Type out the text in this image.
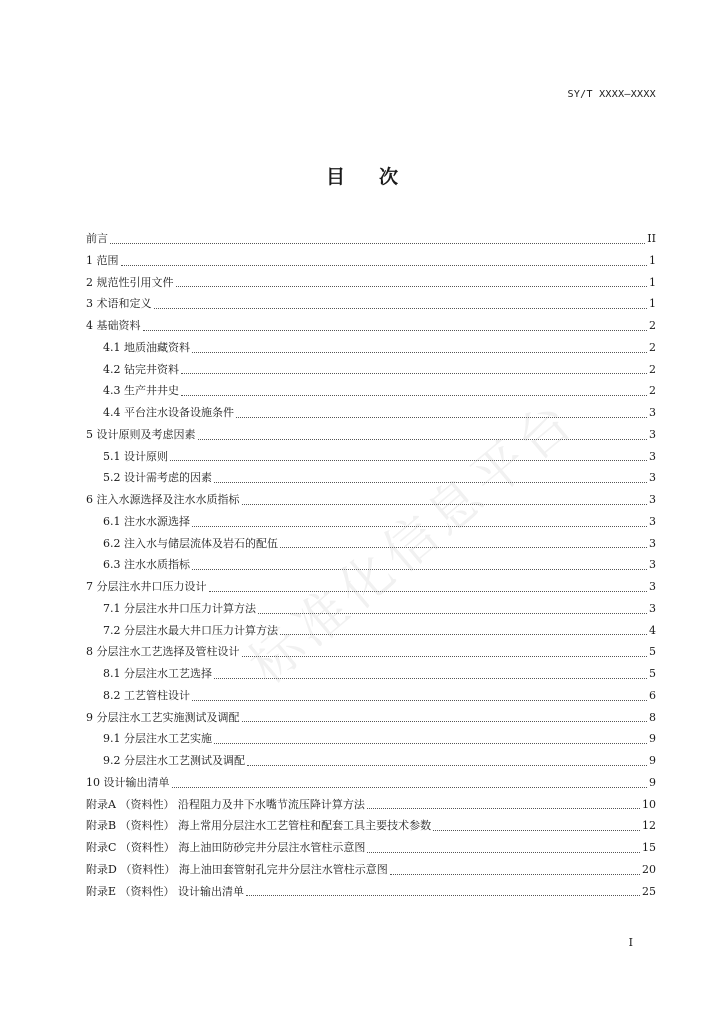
SY/T XXXX—XXXX
目 次
前言	II
1 范围	1
2 规范性引用文件	1
3 术语和定义	1
4 基础资料	2
4.1 地质油藏资料	2
4.2 钻完井资料	2
4.3 生产井井史	2
4.4 平台注水设备设施条件	3
5 设计原则及考虑因素	3
5.1 设计原则	3
5.2 设计需考虑的因素	3
6 注入水源选择及注水水质指标	3
6.1 注水水源选择	3
6.2 注入水与储层流体及岩石的配伍	3
6.3 注水水质指标	3
7 分层注水井口压力设计	3
7.1 分层注水井口压力计算方法	3
7.2 分层注水最大井口压力计算方法	4
8 分层注水工艺选择及管柱设计	5
8.1 分层注水工艺选择	5
8.2 工艺管柱设计	6
9 分层注水工艺实施测试及调配	8
9.1 分层注水工艺实施	9
9.2 分层注水工艺测试及调配	9
10 设计输出清单	9
附录A （资料性） 沿程阻力及井下水嘴节流压降计算方法	10
附录B （资料性） 海上常用分层注水工艺管柱和配套工具主要技术参数	12
附录C （资料性） 海上油田防砂完井分层注水管柱示意图	15
附录D （资料性） 海上油田套管射孔完井分层注水管柱示意图	20
附录E （资料性） 设计输出清单	25
标准化信息平台
I
